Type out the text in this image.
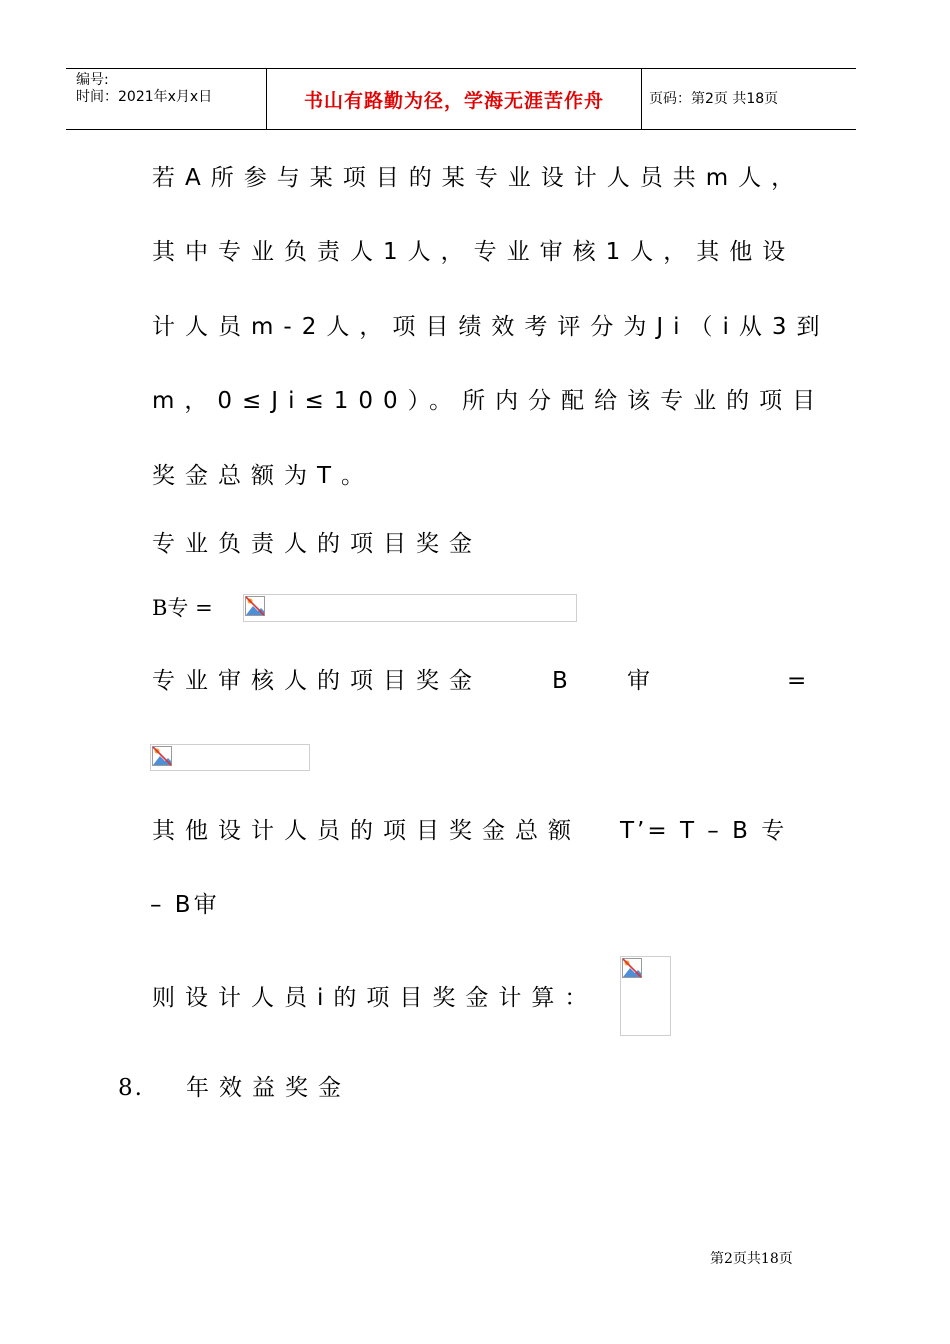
编号:
时间：2021年x月x日	书山有路勤为径，学海无涯苦作舟	页码：第2页 共18页
若A所参与某项目的某专业设计人员共m人，
其中专业负责人1人，专业审核1人，其他设
计人员m-2人，项目绩效考评分为Ji（i从3到
m，0≤Ji≤100）。所内分配给该专业的项目
奖金总额为T。
专业负责人的项目奖金
B专 =
专业审核人的项目奖金	B	审	=
其他设计人员的项目奖金总额 T’= T – B 专
– B审
则设计人员i的项目奖金计算：
8. 年效益奖金
第2页共18页
